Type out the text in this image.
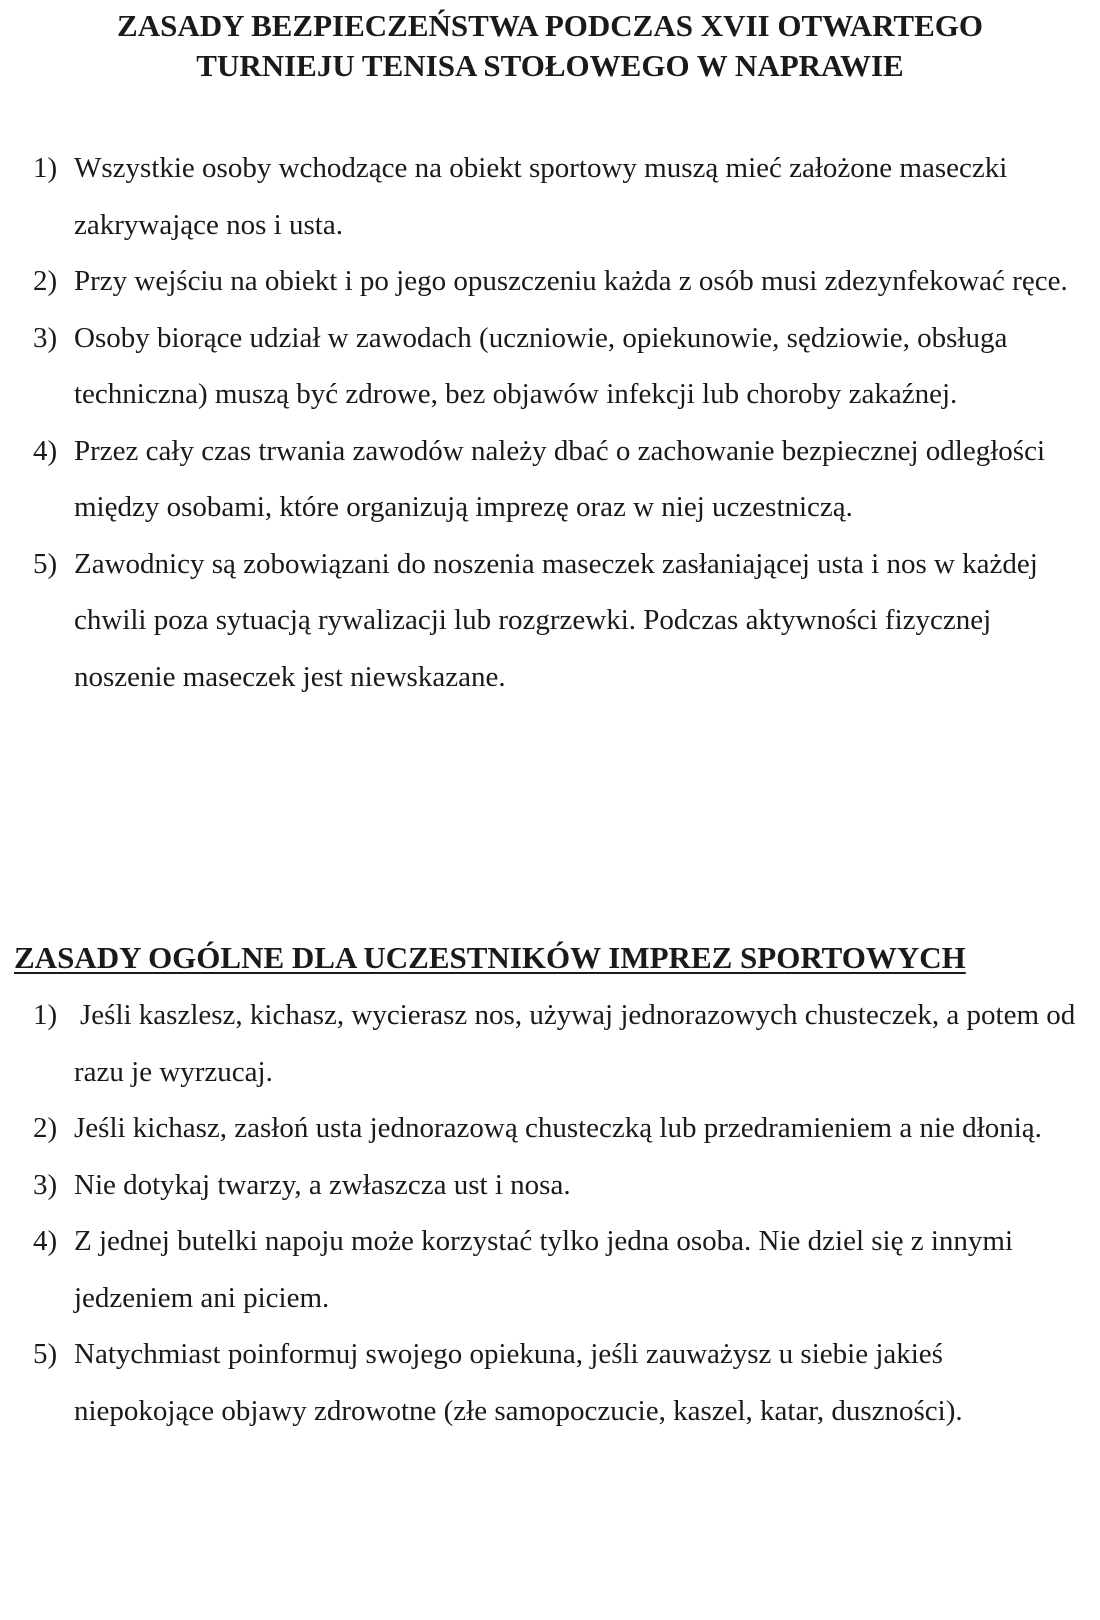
ZASADY BEZPIECZEŃSTWA PODCZAS XVII OTWARTEGO
TURNIEJU TENISA STOŁOWEGO W NAPRAWIE
1) Wszystkie osoby wchodzące na obiekt sportowy muszą mieć założone maseczki zakrywające nos i usta.
2) Przy wejściu na obiekt i po jego opuszczeniu każda z osób musi zdezynfekować ręce.
3) Osoby biorące udział w zawodach (uczniowie, opiekunowie, sędziowie, obsługa techniczna) muszą być zdrowe, bez objawów infekcji lub choroby zakaźnej.
4) Przez cały czas trwania zawodów należy dbać o zachowanie bezpiecznej odległości między osobami, które organizują imprezę oraz w niej uczestniczą.
5) Zawodnicy są zobowiązani do noszenia maseczek zasłaniającej usta i nos w każdej chwili poza sytuacją rywalizacji lub rozgrzewki. Podczas aktywności fizycznej noszenie maseczek jest niewskazane.
ZASADY OGÓLNE DLA UCZESTNIKÓW IMPREZ SPORTOWYCH
1) Jeśli kaszlesz, kichasz, wycierasz nos, używaj jednorazowych chusteczek, a potem od razu je wyrzucaj.
2) Jeśli kichasz, zasłoń usta jednorazową chusteczką lub przedramieniem a nie dłonią.
3) Nie dotykaj twarzy, a zwłaszcza ust i nosa.
4) Z jednej butelki napoju może korzystać tylko jedna osoba. Nie dziel się z innymi jedzeniem ani piciem.
5) Natychmiast poinformuj swojego opiekuna, jeśli zauważysz u siebie jakieś niepokojące objawy zdrowotne (złe samopoczucie, kaszel, katar, duszności).
